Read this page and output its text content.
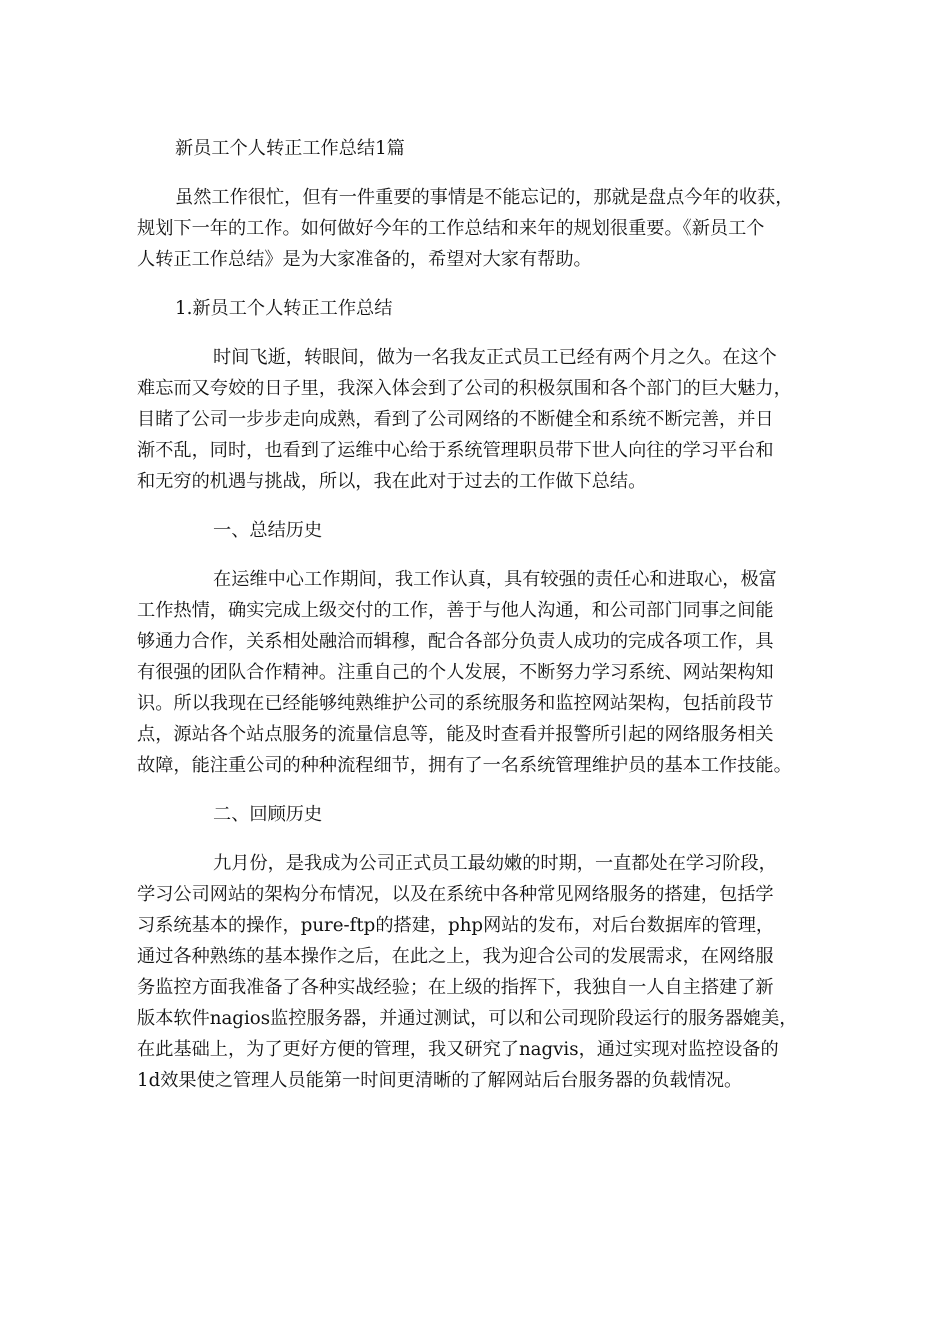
新员工个人转正工作总结1篇
虽然工作很忙，但有一件重要的事情是不能忘记的，那就是盘点今年的收获，
规划下一年的工作。如何做好今年的工作总结和来年的规划很重要。《新员工个
人转正工作总结》是为大家准备的，希望对大家有帮助。
1.新员工个人转正工作总结
时间飞逝，转眼间，做为一名我友正式员工已经有两个月之久。在这个
难忘而又夸姣的日子里，我深入体会到了公司的积极氛围和各个部门的巨大魅力，
目睹了公司一步步走向成熟，看到了公司网络的不断健全和系统不断完善，并日
渐不乱，同时，也看到了运维中心给于系统管理职员带下世人向往的学习平台和
和无穷的机遇与挑战，所以，我在此对于过去的工作做下总结。
一、总结历史
在运维中心工作期间，我工作认真，具有较强的责任心和进取心，极富
工作热情，确实完成上级交付的工作，善于与他人沟通，和公司部门同事之间能
够通力合作，关系相处融洽而辑穆，配合各部分负责人成功的完成各项工作，具
有很强的团队合作精神。注重自己的个人发展，不断努力学习系统、网站架构知
识。所以我现在已经能够纯熟维护公司的系统服务和监控网站架构，包括前段节
点，源站各个站点服务的流量信息等，能及时查看并报警所引起的网络服务相关
故障，能注重公司的种种流程细节，拥有了一名系统管理维护员的基本工作技能。
二、回顾历史
九月份，是我成为公司正式员工最幼嫩的时期，一直都处在学习阶段，
学习公司网站的架构分布情况，以及在系统中各种常见网络服务的搭建，包括学
习系统基本的操作，pure-ftp的搭建，php网站的发布，对后台数据库的管理，
通过各种熟练的基本操作之后，在此之上，我为迎合公司的发展需求，在网络服
务监控方面我准备了各种实战经验；在上级的指挥下，我独自一人自主搭建了新
版本软件nagios监控服务器，并通过测试，可以和公司现阶段运行的服务器媲美，
在此基础上，为了更好方便的管理，我又研究了nagvis，通过实现对监控设备的
1d效果使之管理人员能第一时间更清晰的了解网站后台服务器的负载情况。
